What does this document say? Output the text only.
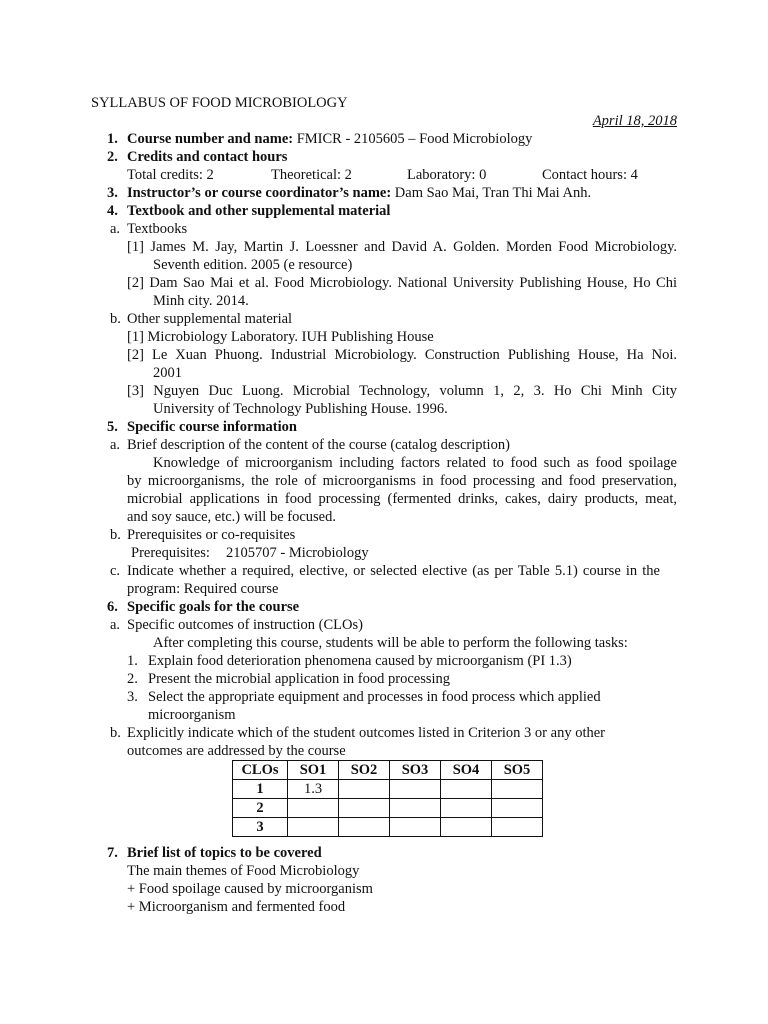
SYLLABUS OF FOOD MICROBIOLOGY
April 18, 2018
1. Course number and name: FMICR - 2105605 – Food Microbiology
2. Credits and contact hours
Total credits: 2	Theoretical: 2	Laboratory: 0	Contact hours: 4
3. Instructor’s or course coordinator’s name: Dam Sao Mai, Tran Thi Mai Anh.
4. Textbook and other supplemental material
a. Textbooks
[1] James M. Jay, Martin J. Loessner and David A. Golden. Morden Food Microbiology.
Seventh edition. 2005 (e resource)
[2] Dam Sao Mai et al. Food Microbiology. National University Publishing House, Ho Chi
Minh city. 2014.
b. Other supplemental material
[1] Microbiology Laboratory. IUH Publishing House
[2] Le Xuan Phuong. Industrial Microbiology. Construction Publishing House, Ha Noi.
2001
[3] Nguyen Duc Luong. Microbial Technology, volumn 1, 2, 3. Ho Chi Minh City
University of Technology Publishing House. 1996.
5. Specific course information
a. Brief description of the content of the course (catalog description)
Knowledge of microorganism including factors related to food such as food spoilage
by microorganisms, the role of microorganisms in food processing and food preservation,
microbial applications in food processing (fermented drinks, cakes, dairy products, meat,
and soy sauce, etc.) will be focused.
b. Prerequisites or co-requisites
Prerequisites: 2105707 - Microbiology
c. Indicate whether a required, elective, or selected elective (as per Table 5.1) course in the
program: Required course
6. Specific goals for the course
a. Specific outcomes of instruction (CLOs)
After completing this course, students will be able to perform the following tasks:
1. Explain food deterioration phenomena caused by microorganism (PI 1.3)
2. Present the microbial application in food processing
3. Select the appropriate equipment and processes in food process which applied
microorganism
b. Explicitly indicate which of the student outcomes listed in Criterion 3 or any other
outcomes are addressed by the course
CLOs	SO1	SO2	SO3	SO4	SO5
1	1.3				
2					
3					
7. Brief list of topics to be covered
The main themes of Food Microbiology
+ Food spoilage caused by microorganism
+ Microorganism and fermented food
